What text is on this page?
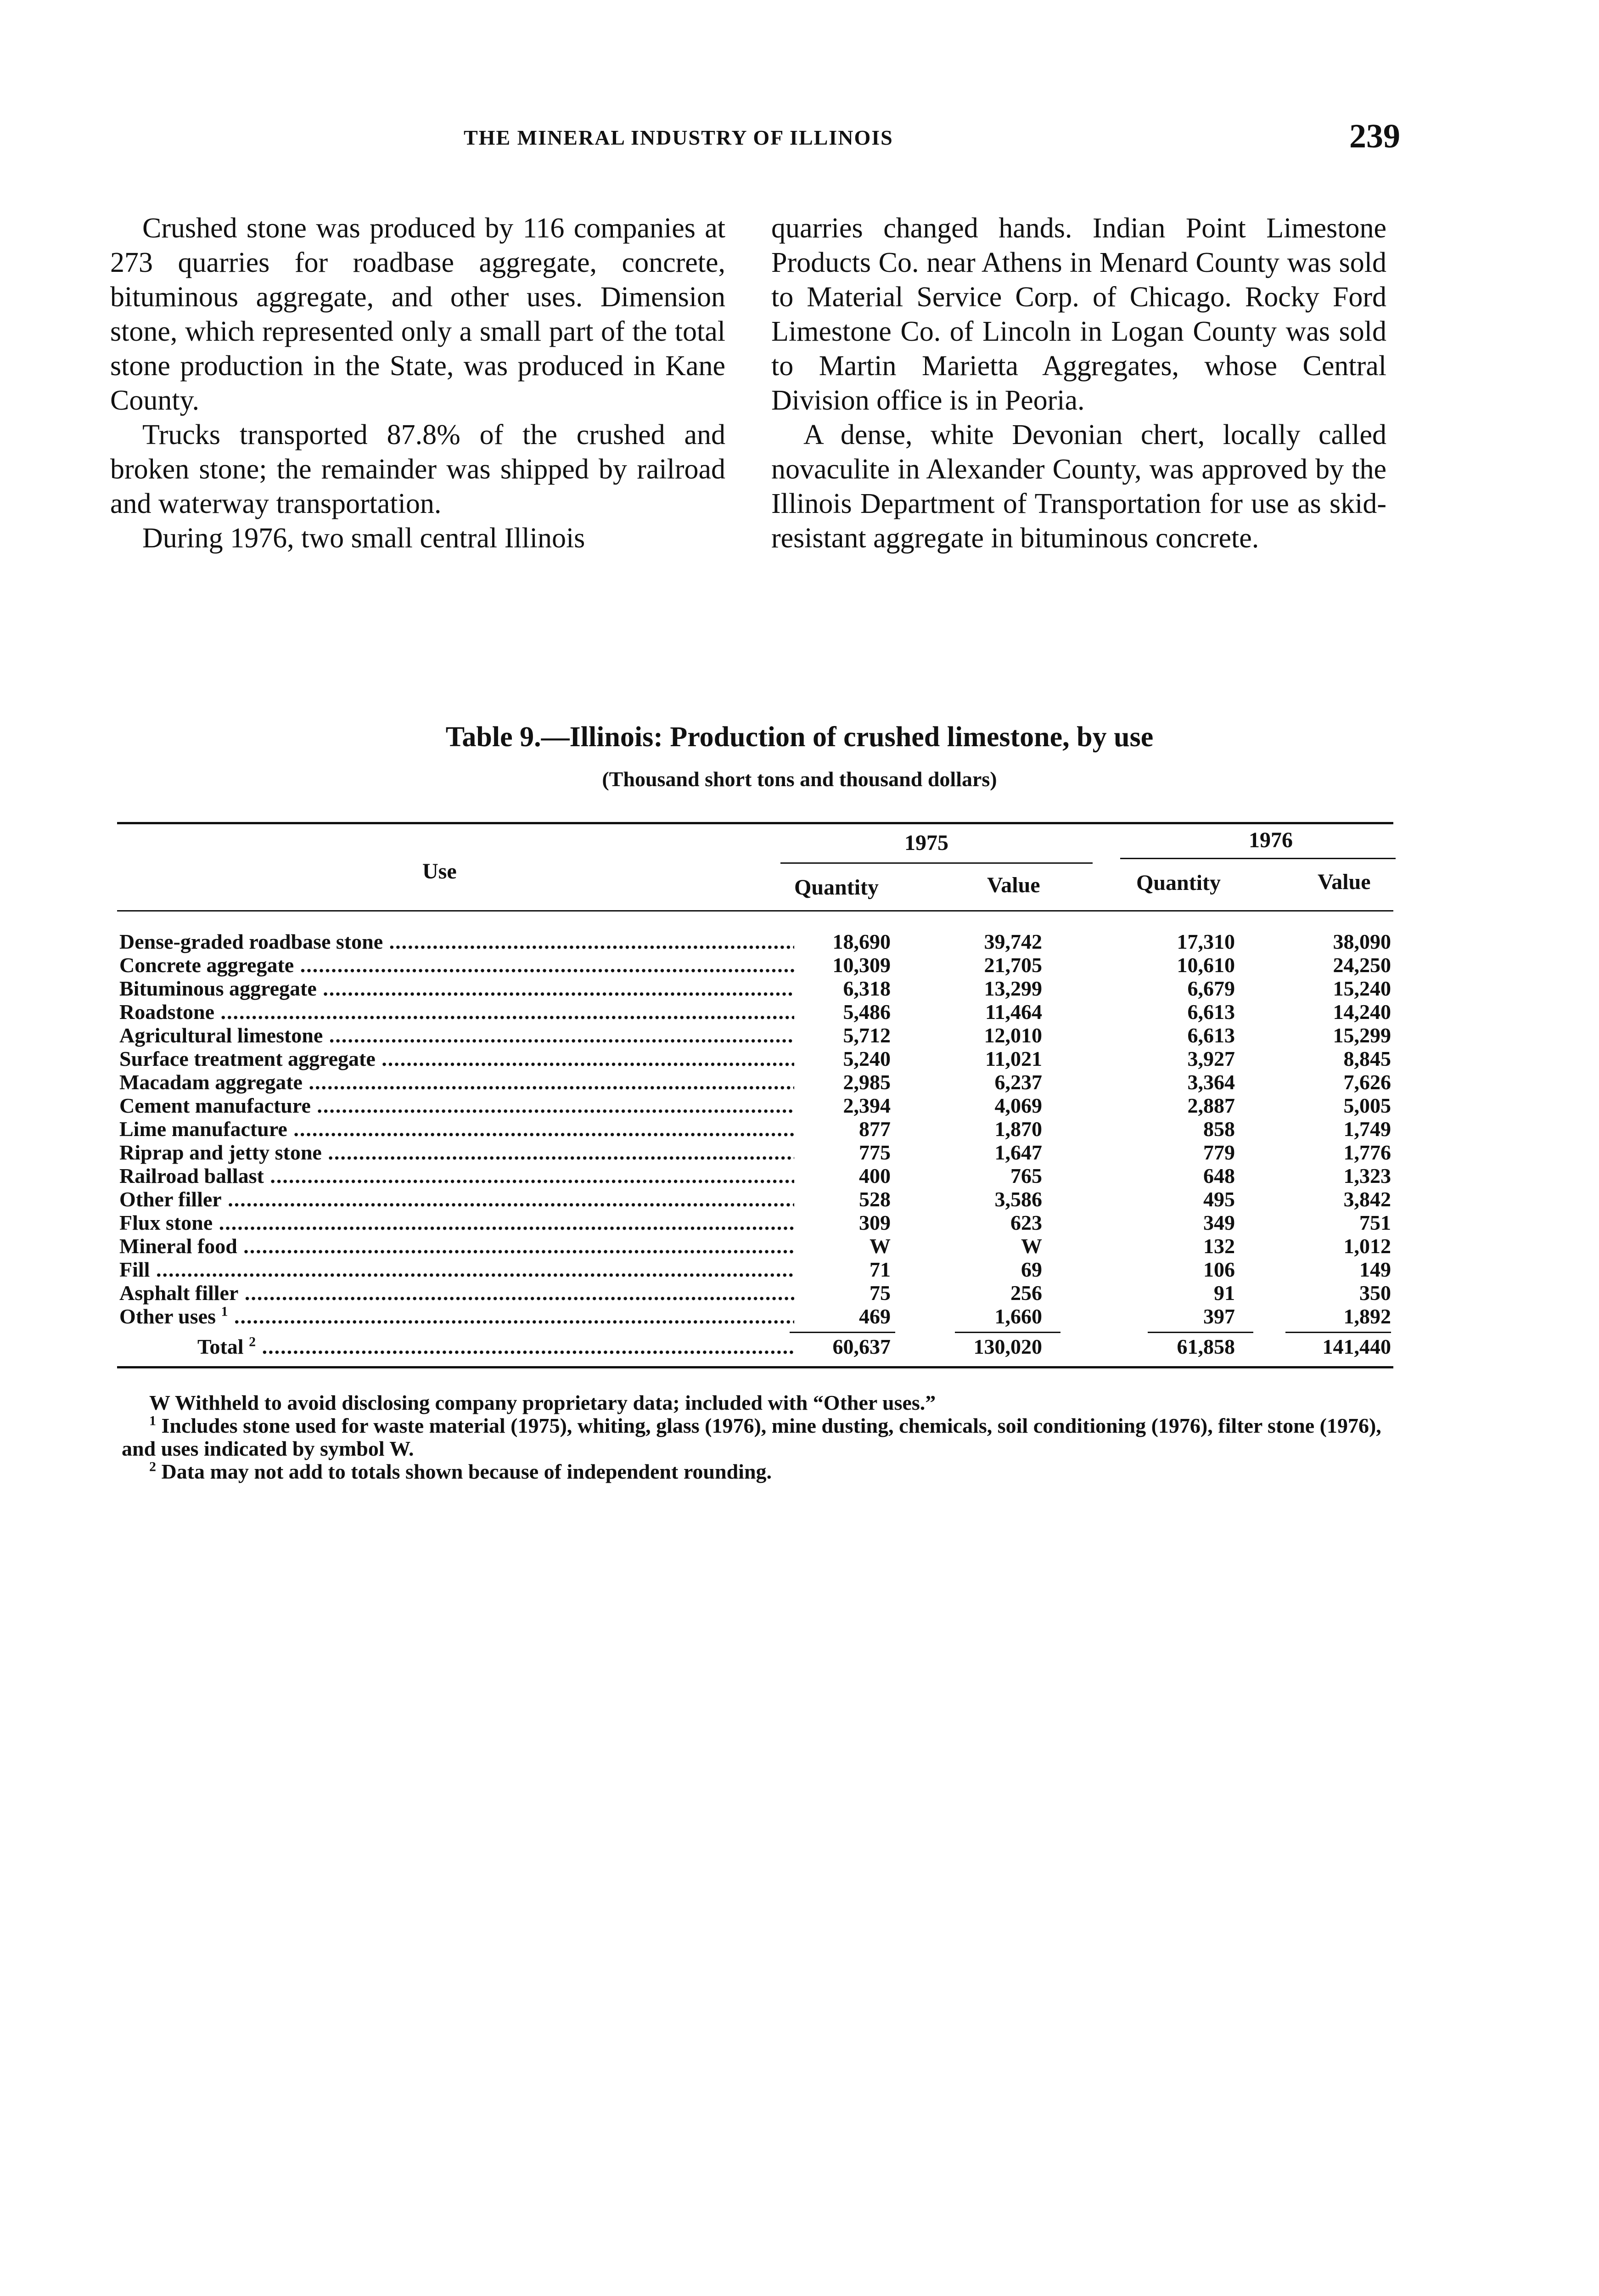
THE MINERAL INDUSTRY OF ILLINOIS	239

Crushed stone was produced by 116 companies at 273 quarries for roadbase aggregate, concrete, bituminous aggregate, and other uses. Dimension stone, which represented only a small part of the total stone production in the State, was produced in Kane County.

Trucks transported 87.8% of the crushed and broken stone; the remainder was shipped by railroad and waterway transportation.

During 1976, two small central Illinois

quarries changed hands. Indian Point Limestone Products Co. near Athens in Menard County was sold to Material Service Corp. of Chicago. Rocky Ford Limestone Co. of Lincoln in Logan County was sold to Martin Marietta Aggregates, whose Central Division office is in Peoria.

A dense, white Devonian chert, locally called novaculite in Alexander County, was approved by the Illinois Department of Transportation for use as skid-resistant aggregate in bituminous concrete.

Table 9.—Illinois: Production of crushed limestone, by use
(Thousand short tons and thousand dollars)
Use
1975	1976
Quantity	Value	Quantity	Value
Dense-graded roadbase stone .....	18,690	39,742	17,310	38,090
Concrete aggregate .....	10,309	21,705	10,610	24,250
Bituminous aggregate .....	6,318	13,299	6,679	15,240
Roadstone .....	5,486	11,464	6,613	14,240
Agricultural limestone .....	5,712	12,010	6,613	15,299
Surface treatment aggregate .....	5,240	11,021	3,927	8,845
Macadam aggregate .....	2,985	6,237	3,364	7,626
Cement manufacture .....	2,394	4,069	2,887	5,005
Lime manufacture .....	877	1,870	858	1,749
Riprap and jetty stone .....	775	1,647	779	1,776
Railroad ballast .....	400	765	648	1,323
Other filler .....	528	3,586	495	3,842
Flux stone .....	309	623	349	751
Mineral food .....	W	W	132	1,012
Fill .....	71	69	106	149
Asphalt filler .....	75	256	91	350
Other uses $^1$ .....	469	1,660	397	1,892
Total $^2$ .....	60,637	130,020	61,858	141,440
W Withheld to avoid disclosing company proprietary data; included with “Other uses.”
$^1$ Includes stone used for waste material (1975), whiting, glass (1976), mine dusting, chemicals, soil conditioning (1976), filter stone (1976), and uses indicated by symbol W.
$^2$ Data may not add to totals shown because of independent rounding.
